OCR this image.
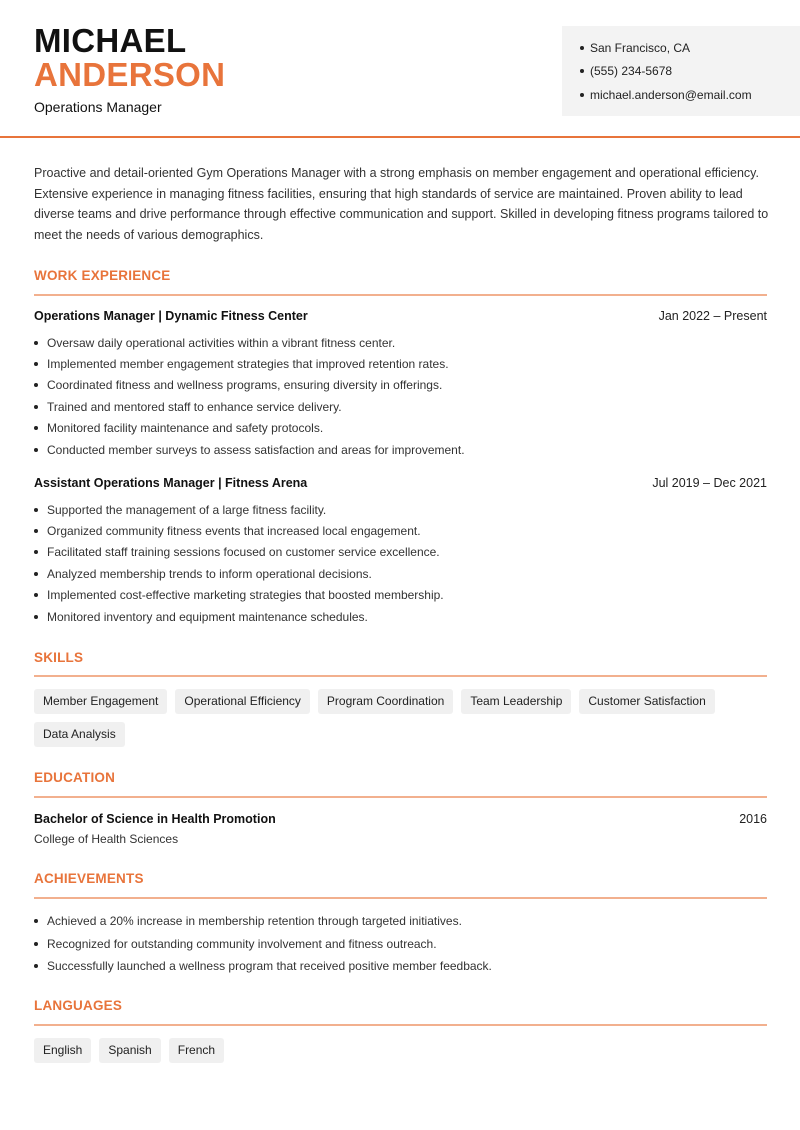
MICHAEL
ANDERSON
Operations Manager
San Francisco, CA
(555) 234-5678
michael.anderson@email.com

Proactive and detail-oriented Gym Operations Manager with a strong emphasis on member engagement and operational efficiency. Extensive experience in managing fitness facilities, ensuring that high standards of service are maintained. Proven ability to lead diverse teams and drive performance through effective communication and support. Skilled in developing fitness programs tailored to meet the needs of various demographics.

WORK EXPERIENCE
Operations Manager | Dynamic Fitness Center	Jan 2022 – Present
Oversaw daily operational activities within a vibrant fitness center.
Implemented member engagement strategies that improved retention rates.
Coordinated fitness and wellness programs, ensuring diversity in offerings.
Trained and mentored staff to enhance service delivery.
Monitored facility maintenance and safety protocols.
Conducted member surveys to assess satisfaction and areas for improvement.
Assistant Operations Manager | Fitness Arena	Jul 2019 – Dec 2021
Supported the management of a large fitness facility.
Organized community fitness events that increased local engagement.
Facilitated staff training sessions focused on customer service excellence.
Analyzed membership trends to inform operational decisions.
Implemented cost-effective marketing strategies that boosted membership.
Monitored inventory and equipment maintenance schedules.
SKILLS
Member Engagement	Operational Efficiency	Program Coordination	Team Leadership	Customer Satisfaction
Data Analysis
EDUCATION
Bachelor of Science in Health Promotion	2016
College of Health Sciences
ACHIEVEMENTS
Achieved a 20% increase in membership retention through targeted initiatives.
Recognized for outstanding community involvement and fitness outreach.
Successfully launched a wellness program that received positive member feedback.
LANGUAGES
English	Spanish	French
